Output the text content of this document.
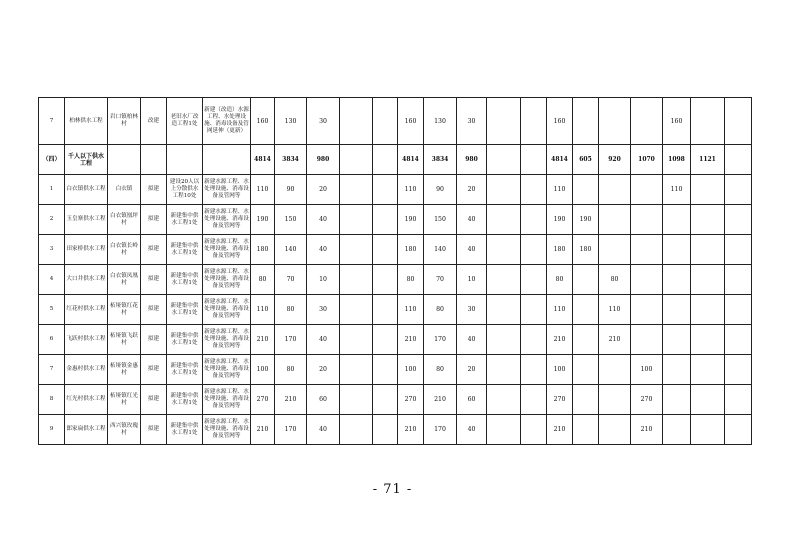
7	柏林供水工程	岩口镇柏林村	改建	老旧水厂改造工程1处	新建（改造）水源工程、水处理设施、消毒设备及管网延伸（更新）	160	130	30			160	130	30			160				160		
（四）	千人以下供水工程					4814	3834	980			4814	3834	980			4814	605	920	1070	1098	1121	
1	白衣镇供水工程	白衣镇	拟建	建设20人以上分散供水工程10处	新建水源工程、水处理设施、消毒设备及管网等	110	90	20			110	90	20			110				110		
2	玉皇寨供水工程	白衣镇凰坪村	拟建	新建集中供水工程1处	新建水源工程、水处理设施、消毒设备及管网等	190	150	40			190	150	40			190	190					
3	田家桥供水工程	白衣镇长岭村	拟建	新建集中供水工程1处	新建水源工程、水处理设施、消毒设备及管网等	180	140	40			180	140	40			180	180					
4	大口井供水工程	白衣镇凤凰村	拟建	新建集中供水工程1处	新建水源工程、水处理设施、消毒设备及管网等	80	70	10			80	70	10			80		80				
5	红花村供水工程	柘垭镇红花村	拟建	新建集中供水工程1处	新建水源工程、水处理设施、消毒设备及管网等	110	80	30			110	80	30			110		110				
6	飞跃村供水工程	柘垭镇飞跃村	拟建	新建集中供水工程1处	新建水源工程、水处理设施、消毒设备及管网等	210	170	40			210	170	40			210		210				
7	金惠村供水工程	柘垭镇金惠村	拟建	新建集中供水工程1处	新建水源工程、水处理设施、消毒设备及管网等	100	80	20			100	80	20			100			100			
8	红光村供水工程	柘垭镇红光村	拟建	新建集中供水工程1处	新建水源工程、水处理设施、消毒设备及管网等	270	210	60			270	210	60			270			270			
9	郎家扁供水工程	西兴镇玫瑰村	拟建	新建集中供水工程1处	新建水源工程、水处理设施、消毒设备及管网等	210	170	40			210	170	40			210			210			
- 71 -
